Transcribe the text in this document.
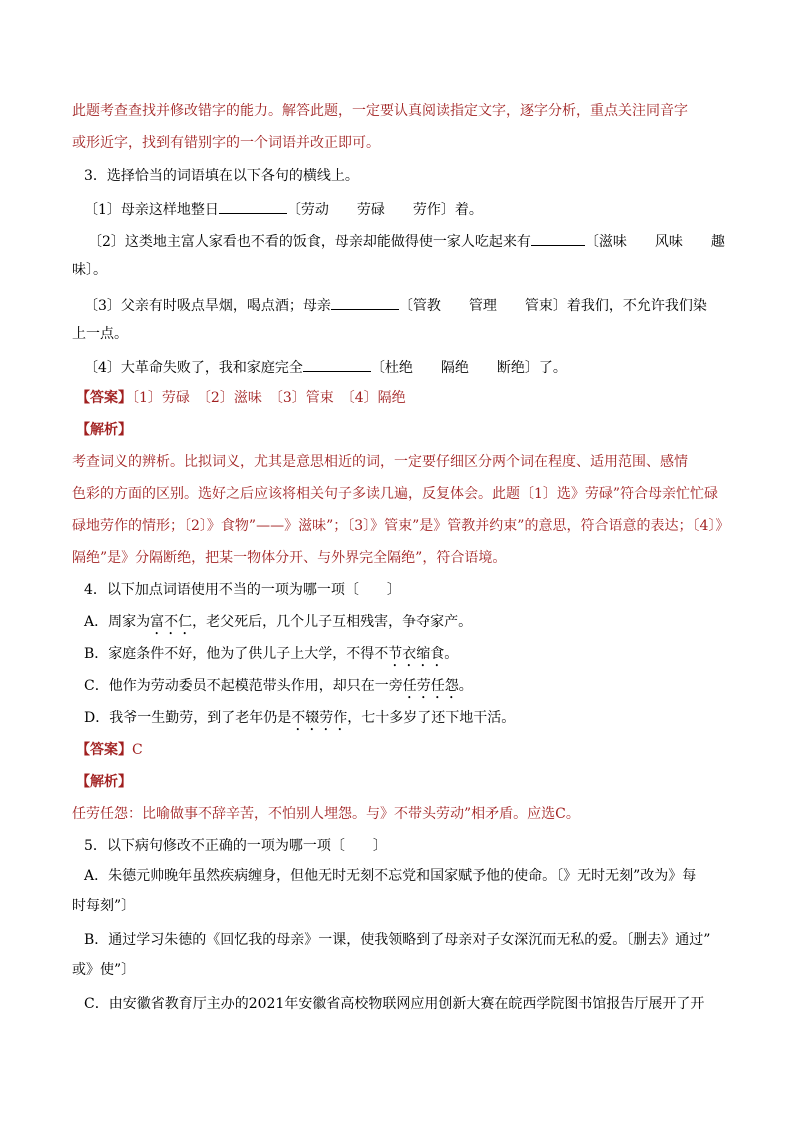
此题考查查找并修改错字的能力。解答此题，一定要认真阅读指定文字，逐字分析，重点关注同音字
或形近字，找到有错别字的一个词语并改正即可。
3．选择恰当的词语填在以下各句的横线上。
〔1〕母亲这样地整日	〔劳动　　劳碌　　劳作〕着。
〔2〕这类地主富人家看也不看的饭食，母亲却能做得使一家人吃起来有	〔滋味　　风味　　趣
味〕。
〔3〕父亲有时吸点旱烟，喝点酒；母亲	〔管教　　管理　　管束〕着我们，不允许我们染
上一点。
〔4〕大革命失败了，我和家庭完全	〔杜绝　　隔绝　　断绝〕了。
【答案】〔1〕劳碌　〔2〕滋味　〔3〕管束　〔4〕隔绝
【解析】
考查词义的辨析。比拟词义，尤其是意思相近的词，一定要仔细区分两个词在程度、适用范围、感情
色彩的方面的区别。选好之后应该将相关句子多读几遍，反复体会。此题〔1〕选》劳碌”符合母亲忙忙碌
碌地劳作的情形；〔2〕》食物”——》滋味”；〔3〕》管束”是》管教并约束”的意思，符合语意的表达；〔4〕》
隔绝”是》分隔断绝，把某一物体分开、与外界完全隔绝”，符合语境。
4．以下加点词语使用不当的一项为哪一项〔　　〕
A．周家为富不仁，老父死后，几个儿子互相残害，争夺家产。
B．家庭条件不好，他为了供儿子上大学，不得不节衣缩食。
C．他作为劳动委员不起模范带头作用，却只在一旁任劳任怨。
D．我爷一生勤劳，到了老年仍是不辍劳作，七十多岁了还下地干活。
【答案】C
【解析】
任劳任怨：比喻做事不辞辛苦，不怕别人埋怨。与》不带头劳动”相矛盾。应选C。
5．以下病句修改不正确的一项为哪一项〔　　〕
A．朱德元帅晚年虽然疾病缠身，但他无时无刻不忘党和国家赋予他的使命。〔》无时无刻”改为》每
时每刻”〕
B．通过学习朱德的《回忆我的母亲》一课，使我领略到了母亲对子女深沉而无私的爱。〔删去》通过”
或》使”〕
C．由安徽省教育厅主办的2021年安徽省高校物联网应用创新大赛在皖西学院图书馆报告厅展开了开
